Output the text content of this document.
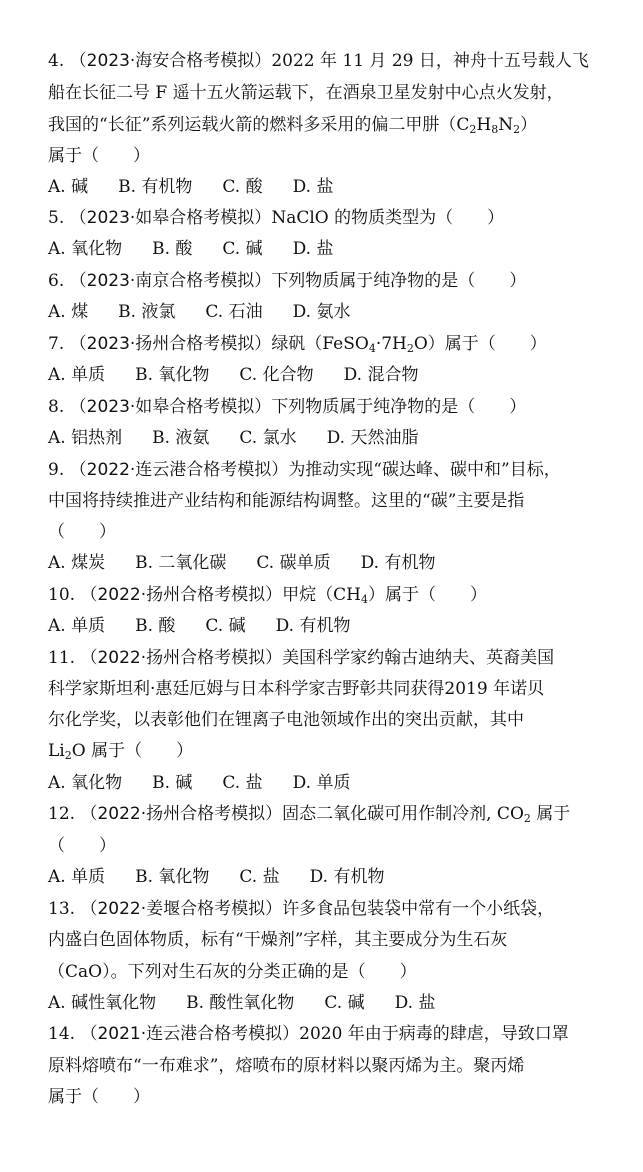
4. （2023·海安合格考模拟）2022 年 11 月 29 日，神舟十五号载人飞
船在长征二号 F 遥十五火箭运载下，在酒泉卫星发射中心点火发射，
我国的“长征”系列运载火箭的燃料多采用的偏二甲肼$(C_2H_8N_2)$
属于（　　）
A. 碱 B. 有机物 C. 酸 D. 盐
5. （2023·如皋合格考模拟）NaClO 的物质类型为（　　）
A. 氧化物 B. 酸 C. 碱 D. 盐
6. （2023·南京合格考模拟）下列物质属于纯净物的是（　　）
A. 煤 B. 液氯 C. 石油 D. 氨水
7. （2023·扬州合格考模拟）绿矾$(FeSO_4\cdot 7H_2O)$属于（　　）
A. 单质 B. 氧化物 C. 化合物 D. 混合物
8. （2023·如皋合格考模拟）下列物质属于纯净物的是（　　）
A. 铝热剂 B. 液氨 C. 氯水 D. 天然油脂
9. （2022·连云港合格考模拟）为推动实现“碳达峰、碳中和”目标，
中国将持续推进产业结构和能源结构调整。这里的“碳”主要是指
（　　）
A. 煤炭 B. 二氧化碳 C. 碳单质 D. 有机物
10. （2022·扬州合格考模拟）甲烷$(CH_4)$属于（　　）
A. 单质 B. 酸 C. 碱 D. 有机物
11. （2022·扬州合格考模拟）美国科学家约翰古迪纳夫、英裔美国
科学家斯坦利·惠廷厄姆与日本科学家吉野彰共同获得2019 年诺贝
尔化学奖，以表彰他们在锂离子电池领域作出的突出贡献，其中
$Li_2O$ 属于（　　）
A. 氧化物 B. 碱 C. 盐 D. 单质
12. （2022·扬州合格考模拟）固态二氧化碳可用作制冷剂, $CO_2$ 属于
（　　）
A. 单质 B. 氧化物 C. 盐 D. 有机物
13. （2022·姜堰合格考模拟）许多食品包装袋中常有一个小纸袋，
内盛白色固体物质，标有“干燥剂”字样，其主要成分为生石灰
（CaO）。下列对生石灰的分类正确的是（　　）
A. 碱性氧化物 B. 酸性氧化物 C. 碱 D. 盐
14. （2021·连云港合格考模拟）2020 年由于病毒的肆虐，导致口罩
原料熔喷布“一布难求”，熔喷布的原材料以聚丙烯为主。聚丙烯
属于（　　）
